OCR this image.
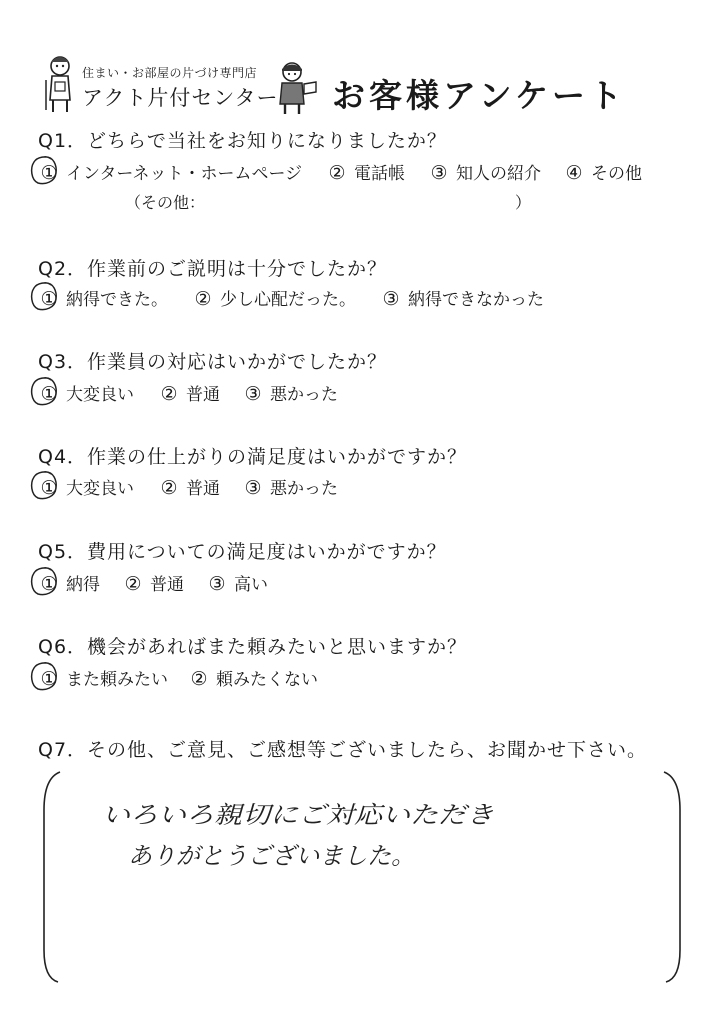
住まい・お部屋の片づけ専門店
アクト片付センター お客様アンケート
Q1．どちらで当社をお知りになりましたか？
① インターネット・ホームページ ② 電話帳 ③ 知人の紹介 ④ その他
（その他：	）
Q2．作業前のご説明は十分でしたか？
① 納得できた。 ② 少し心配だった。 ③ 納得できなかった
Q3．作業員の対応はいかがでしたか？
① 大変良い ② 普通 ③ 悪かった
Q4．作業の仕上がりの満足度はいかがですか？
① 大変良い ② 普通 ③ 悪かった
Q5．費用についての満足度はいかがですか？
① 納得 ② 普通 ③ 高い
Q6．機会があればまた頼みたいと思いますか？
① また頼みたい ② 頼みたくない
Q7．その他、ご意見、ご感想等ございましたら、お聞かせ下さい。
いろいろ親切にご対応いただき
ありがとうございました。
